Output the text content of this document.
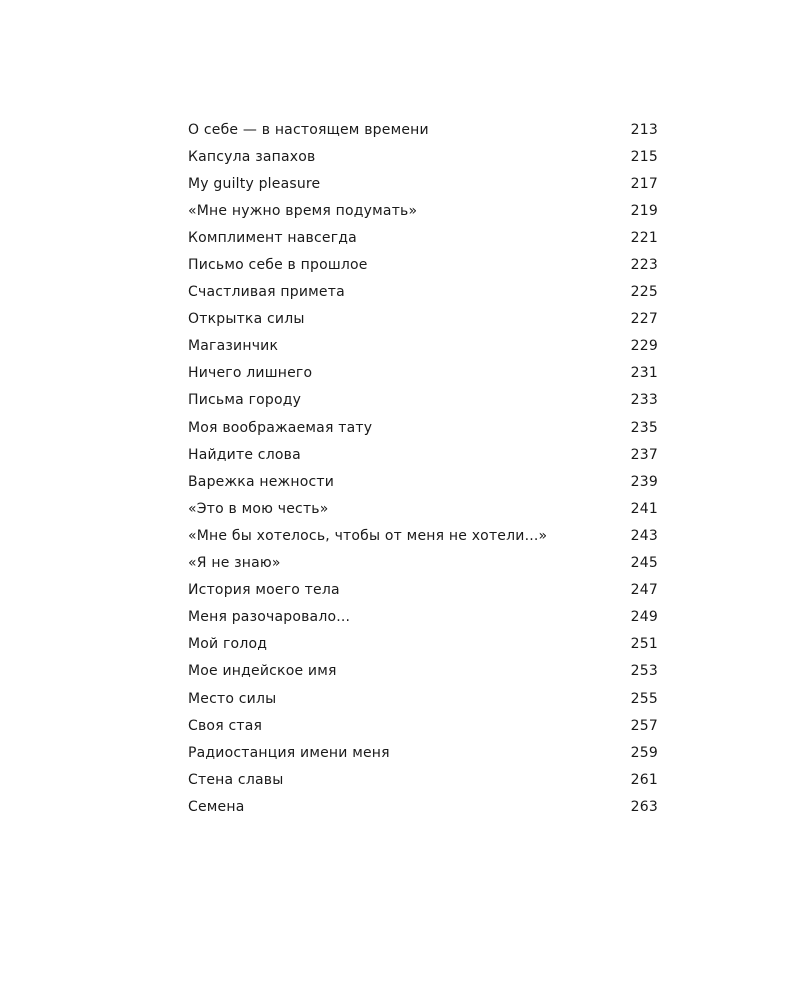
О себе — в настоящем времени	213
Капсула запахов	215
My guilty pleasure	217
«Мне нужно время подумать»	219
Комплимент навсегда	221
Письмо себе в прошлое	223
Счастливая примета	225
Открытка силы	227
Магазинчик	229
Ничего лишнего	231
Письма городу	233
Моя воображаемая тату	235
Найдите слова	237
Варежка нежности	239
«Это в мою честь»	241
«Мне бы хотелось, чтобы от меня не хотели...»	243
«Я не знаю»	245
История моего тела	247
Меня разочаровало...	249
Мой голод	251
Мое индейское имя	253
Место силы	255
Своя стая	257
Радиостанция имени меня	259
Стена славы	261
Семена	263
